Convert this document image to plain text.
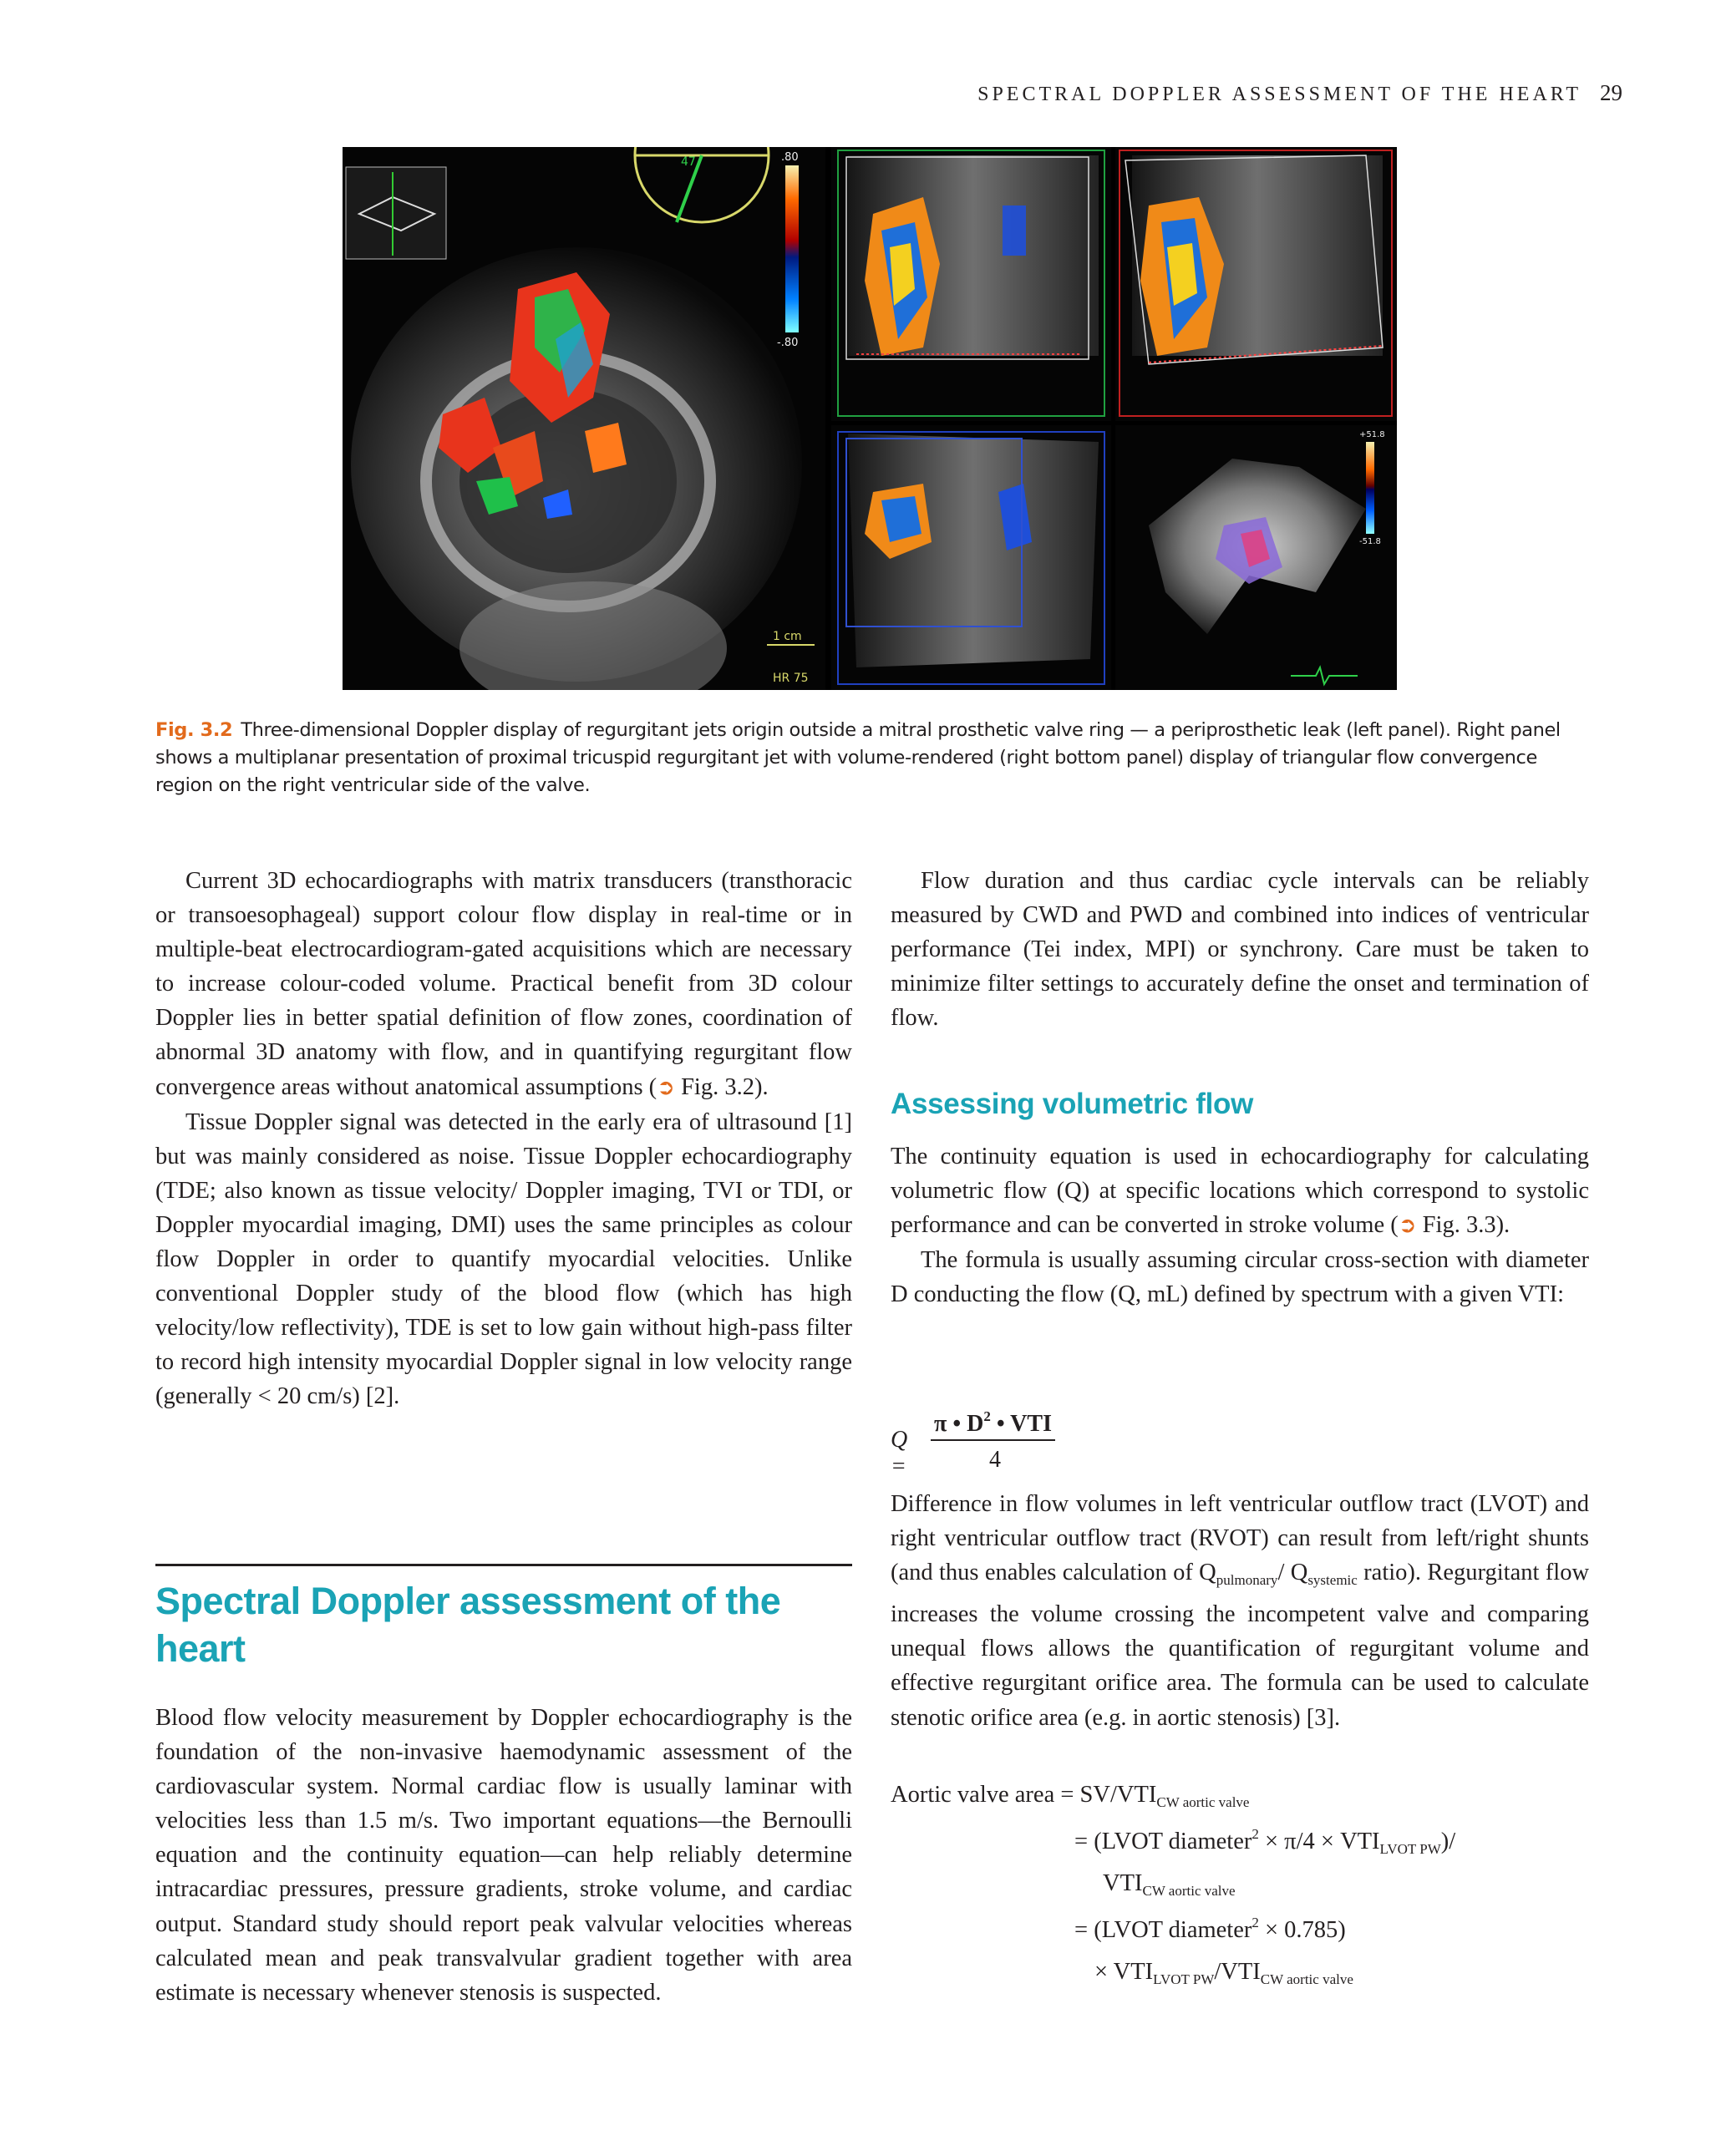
SPECTRAL DOPPLER ASSESSMENT OF THE HEART 29
47	.80
-.80
1 cm
HR 75
+51.8
-51.8
Fig. 3.2 Three-dimensional Doppler display of regurgitant jets origin outside a mitral prosthetic valve ring — a periprosthetic leak (left panel). Right panel shows a multiplanar presentation of proximal tricuspid regurgitant jet with volume-rendered (right bottom panel) display of triangular flow convergence region on the right ventricular side of the valve.

Current 3D echocardiographs with matrix transducers (transthoracic or transoesophageal) support colour flow display in real-time or in multiple-beat electrocardiogram-gated acquisitions which are necessary to increase colour-coded volume. Practical benefit from 3D colour Doppler lies in better spatial definition of flow zones, coordination of abnormal 3D anatomy with flow, and in quantifying regurgitant flow convergence areas without anatomical assumptions (➲ Fig. 3.2).

Tissue Doppler signal was detected in the early era of ultrasound [1] but was mainly considered as noise. Tissue Doppler echocardiography (TDE; also known as tissue velocity/ Doppler imaging, TVI or TDI, or Doppler myocardial imaging, DMI) uses the same principles as colour flow Doppler in order to quantify myocardial velocities. Unlike conventional Doppler study of the blood flow (which has high velocity/low reflectivity), TDE is set to low gain without high-pass filter to record high intensity myocardial Doppler signal in low velocity range (generally < 20 cm/s) [2].

Spectral Doppler assessment of the heart

Blood flow velocity measurement by Doppler echocardiography is the foundation of the non-invasive haemodynamic assessment of the cardiovascular system. Normal cardiac flow is usually laminar with velocities less than 1.5 m/s. Two important equations—the Bernoulli equation and the continuity equation—can help reliably determine intracardiac pressures, pressure gradients, stroke volume, and cardiac output. Standard study should report peak valvular velocities whereas calculated mean and peak transvalvular gradient together with area estimate is necessary whenever stenosis is suspected.

Flow duration and thus cardiac cycle intervals can be reliably measured by CWD and PWD and combined into indices of ventricular performance (Tei index, MPI) or synchrony. Care must be taken to minimize filter settings to accurately define the onset and termination of flow.

Assessing volumetric flow

The continuity equation is used in echocardiography for calculating volumetric flow (Q) at specific locations which correspond to systolic performance and can be converted in stroke volume (➲ Fig. 3.3).

The formula is usually assuming circular cross-section with diameter D conducting the flow (Q, mL) defined by spectrum with a given VTI:

Q =
π • $D^2$ • VTI
4

Difference in flow volumes in left ventricular outflow tract (LVOT) and right ventricular outflow tract (RVOT) can result from left/right shunts (and thus enables calculation of $Q_{pulmonary}/$ $Q_{systemic}$ ratio). Regurgitant flow increases the volume crossing the incompetent valve and comparing unequal flows allows the quantification of regurgitant volume and effective regurgitant orifice area. The formula can be used to calculate stenotic orifice area (e.g. in aortic stenosis) [3].

Aortic valve area = $SV/VTI_{CW aortic valve}$
= (LVOT diameter$^2$ × $\pi/4 \times VTI_{LVOT PW})/$
$VTI_{CW aortic valve}$
= (LVOT diameter$^2$ × 0.785)
× $VTI_{LVOT PW}/VTI_{CW aortic valve}$
